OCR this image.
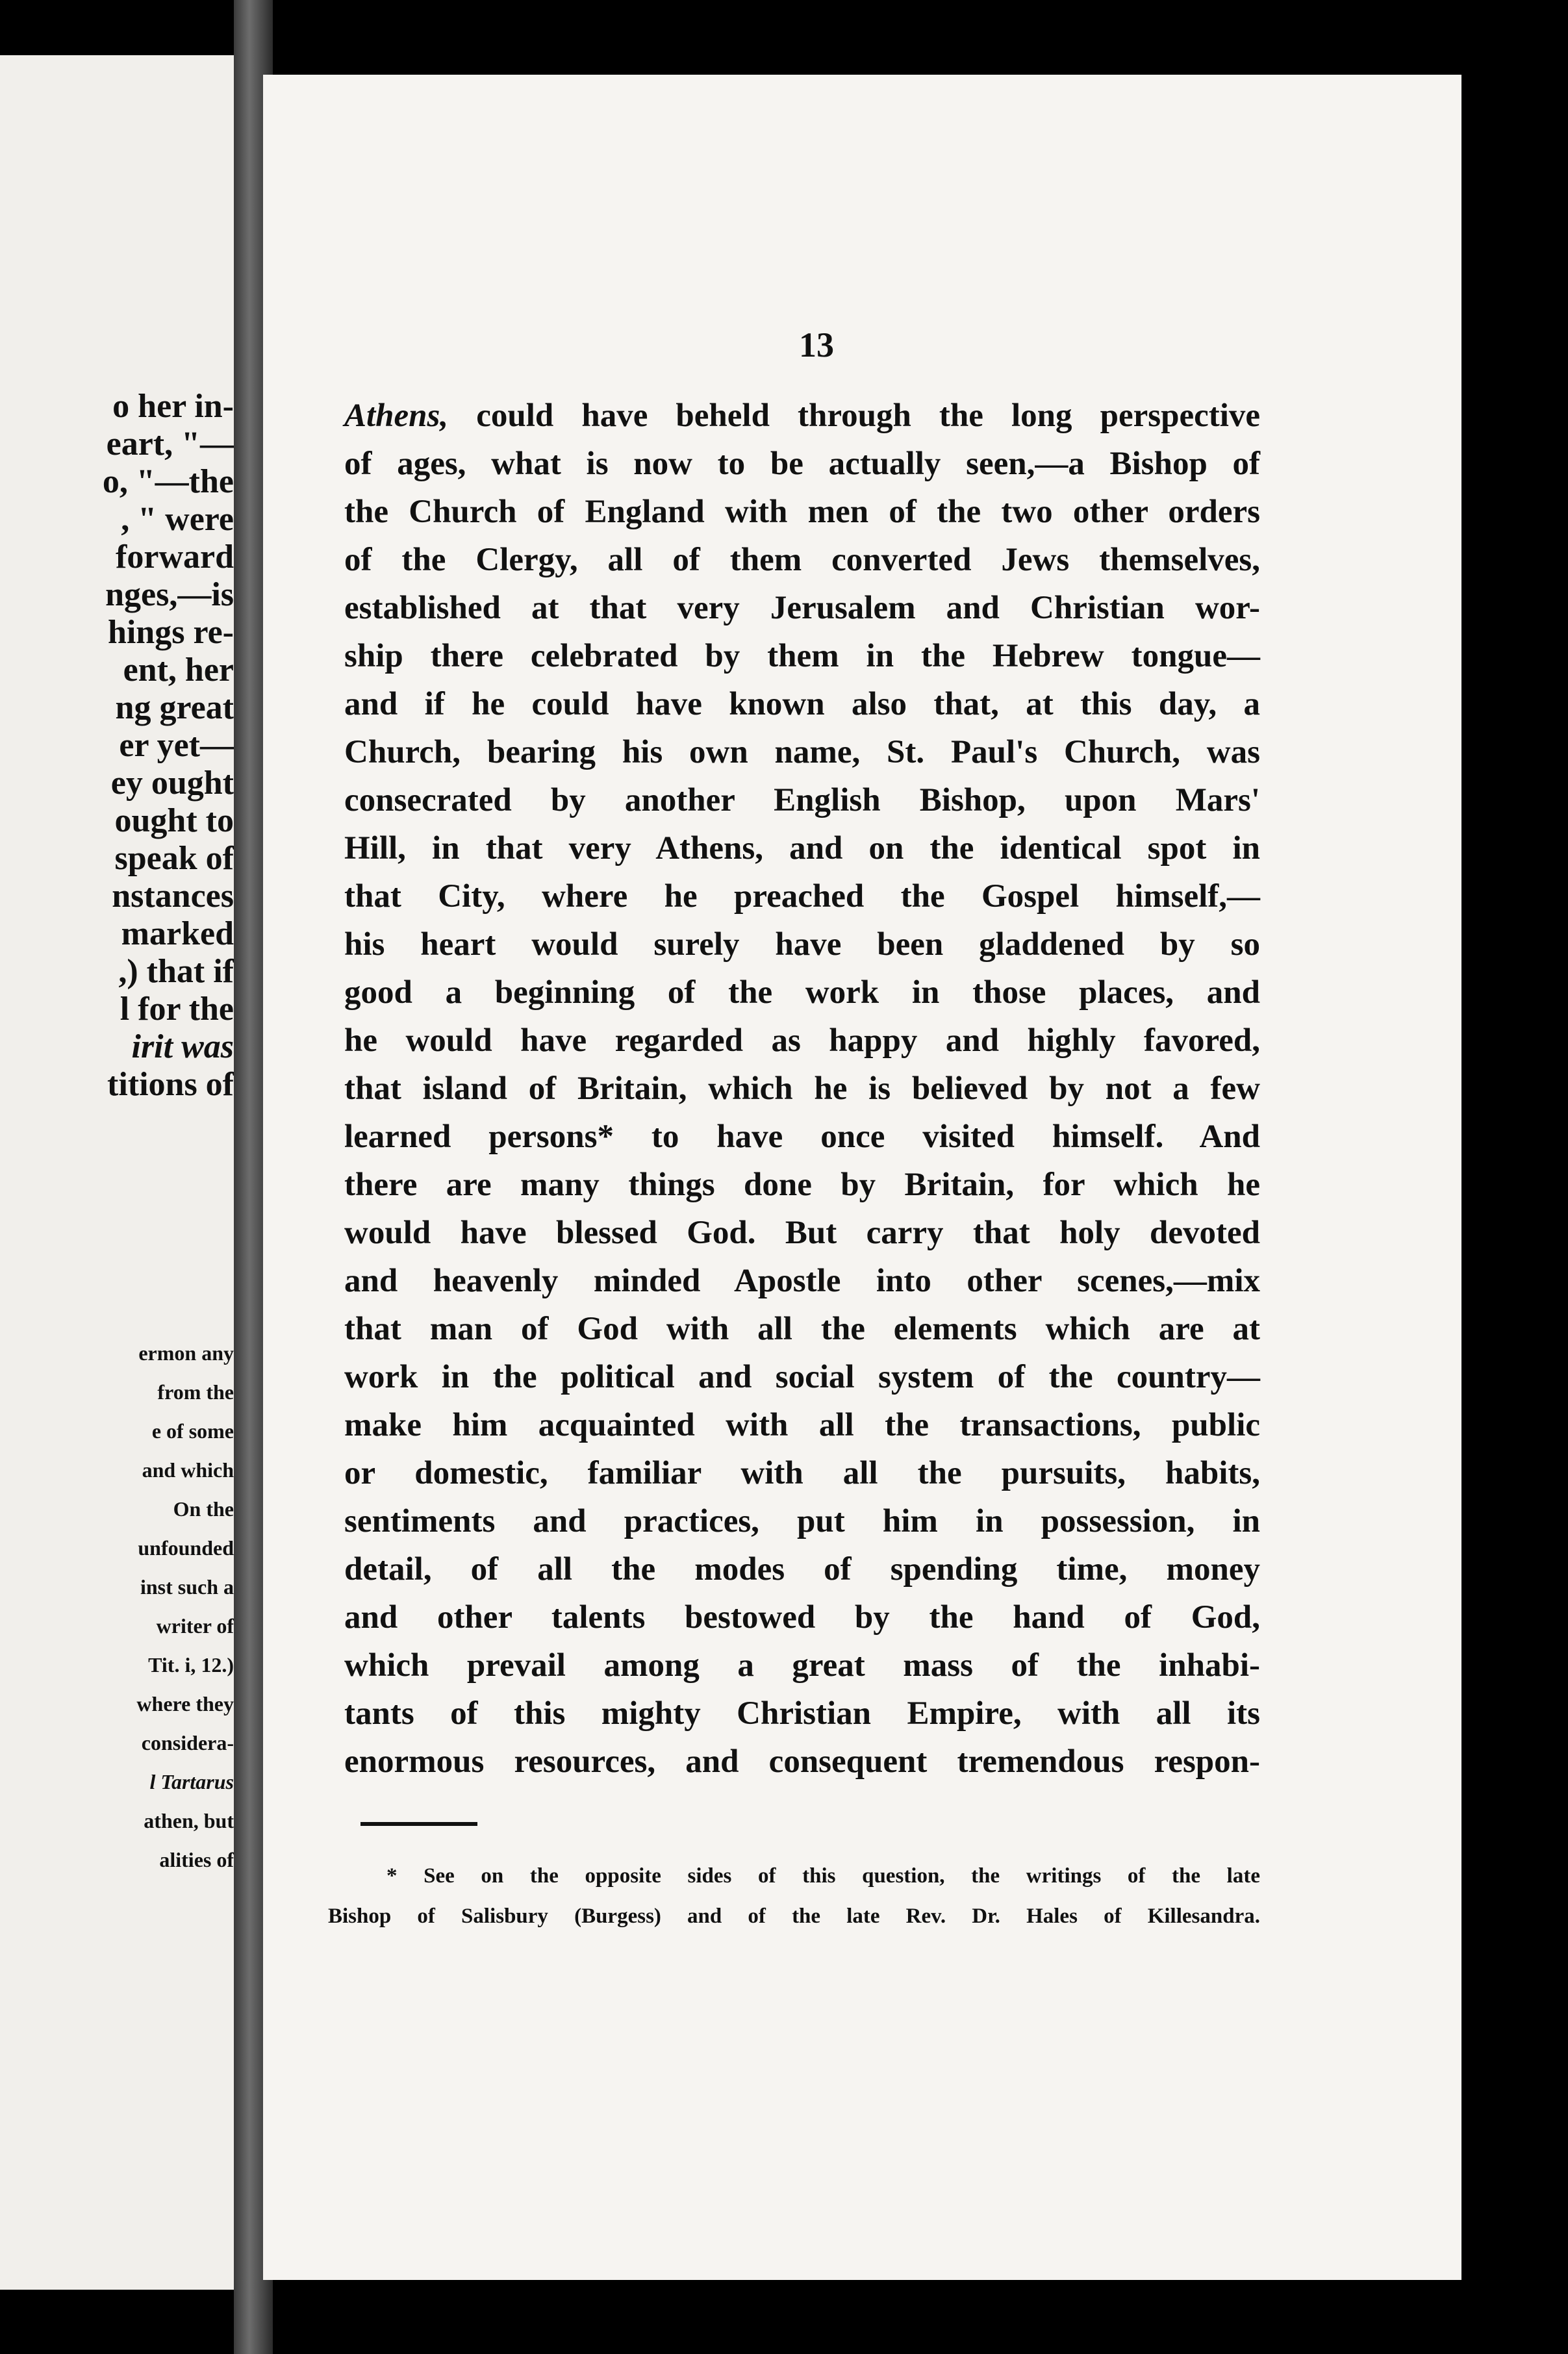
o her in-
eart, "—
o, "—the
, " were
forward
nges,—is
hings re-
ent, her
ng great
er yet—
ey ought
ought to
speak of
nstances
marked
,) that if
l for the
irit was
titions of
ermon any
from the
e of some
and which
On the
unfounded
inst such a
writer of
Tit. i, 12.)
where they
considera-
l Tartarus
athen, but
alities of
13
Athens, could have beheld through the long perspective
of ages, what is now to be actually seen,—a Bishop of
the Church of England with men of the two other orders
of the Clergy, all of them converted Jews themselves,
established at that very Jerusalem and Christian wor-
ship there celebrated by them in the Hebrew tongue—
and if he could have known also that, at this day, a
Church, bearing his own name, St. Paul's Church, was
consecrated by another English Bishop, upon Mars'
Hill, in that very Athens, and on the identical spot in
that City, where he preached the Gospel himself,—
his heart would surely have been gladdened by so
good a beginning of the work in those places, and
he would have regarded as happy and highly favored,
that island of Britain, which he is believed by not a few
learned persons* to have once visited himself. And
there are many things done by Britain, for which he
would have blessed God. But carry that holy devoted
and heavenly minded Apostle into other scenes,—mix
that man of God with all the elements which are at
work in the political and social system of the country—
make him acquainted with all the transactions, public
or domestic, familiar with all the pursuits, habits,
sentiments and practices, put him in possession, in
detail, of all the modes of spending time, money
and other talents bestowed by the hand of God,
which prevail among a great mass of the inhabi-
tants of this mighty Christian Empire, with all its
enormous resources, and consequent tremendous respon-
* See on the opposite sides of this question, the writings of the late
Bishop of Salisbury (Burgess) and of the late Rev. Dr. Hales of Killesandra.
